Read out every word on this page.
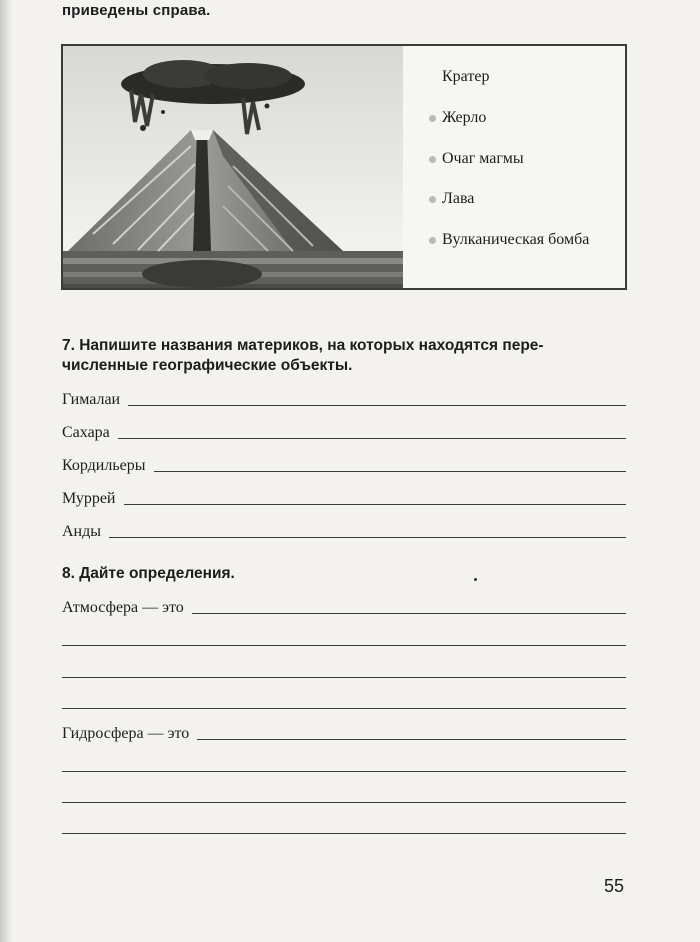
приведены справа.
Кратер
Жерло
Очаг магмы
Лава
Вулканическая бомба
7. Напишите названия материков, на которых находятся пере-
численные географические объекты.
Гималаи
Сахара
Кордильеры
Муррей
Анды
8. Дайте определения.
Атмосфера — это
Гидросфера — это
55
